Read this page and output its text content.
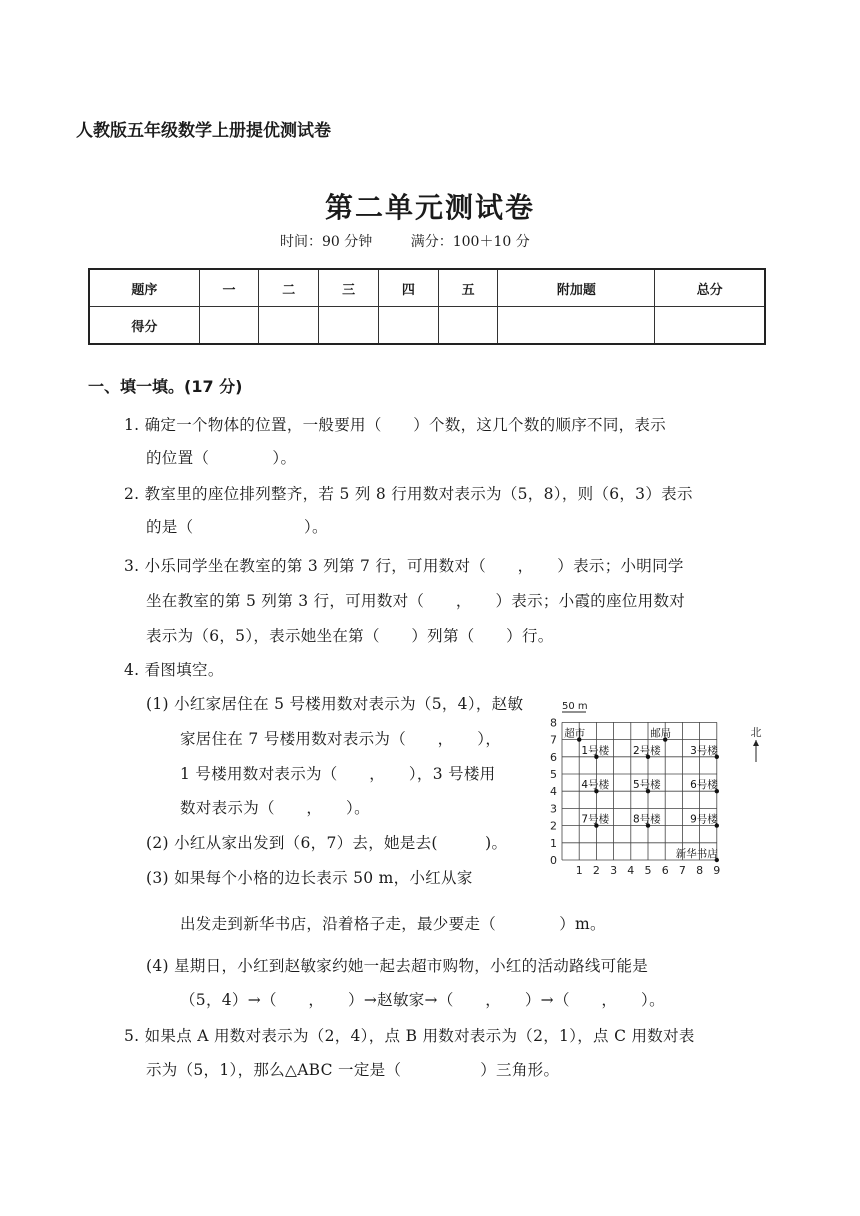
人教版五年级数学上册提优测试卷
第二单元测试卷
时间：90 分钟	满分：100＋10 分
题序	一	二	三	四	五	附加题	总分
得分							
一、填一填。(17 分)
1. 确定一个物体的位置，一般要用（　　）个数，这几个数的顺序不同，表示
的位置（　　　　）。
2. 教室里的座位排列整齐，若 5 列 8 行用数对表示为（5，8），则（6，3）表示
的是（　　　　　　　）。
3. 小乐同学坐在教室的第 3 列第 7 行，可用数对（　　，　　）表示；小明同学
坐在教室的第 5 列第 3 行，可用数对（　　，　　）表示；小霞的座位用数对
表示为（6，5），表示她坐在第（　　）列第（　　）行。
4. 看图填空。
(1) 小红家居住在 5 号楼用数对表示为（5，4），赵敏
家居住在 7 号楼用数对表示为（　　，　　），
1 号楼用数对表示为（　　，　　），3 号楼用
数对表示为（　　，　　）。
(2) 小红从家出发到（6，7）去，她是去(　　　)。
(3) 如果每个小格的边长表示 50 m，小红从家
出发走到新华书店，沿着格子走，最少要走（　　　　）m。
(4) 星期日，小红到赵敏家约她一起去超市购物，小红的活动路线可能是
（5，4）→（　　，　　）→赵敏家→（　　，　　）→（　　，　　）。
5. 如果点 A 用数对表示为（2，4），点 B 用数对表示为（2，1），点 C 用数对表
示为（5，1），那么△ABC 一定是（　　　　　）三角形。
1 2 3 4 5 6 7 8 9
0
1
2
3
4
5
6
7
8
超市	邮局
1号楼 2号楼	3号楼
4号楼 5号楼	6号楼
7号楼 8号楼	9号楼
新华书店
50 m
北
